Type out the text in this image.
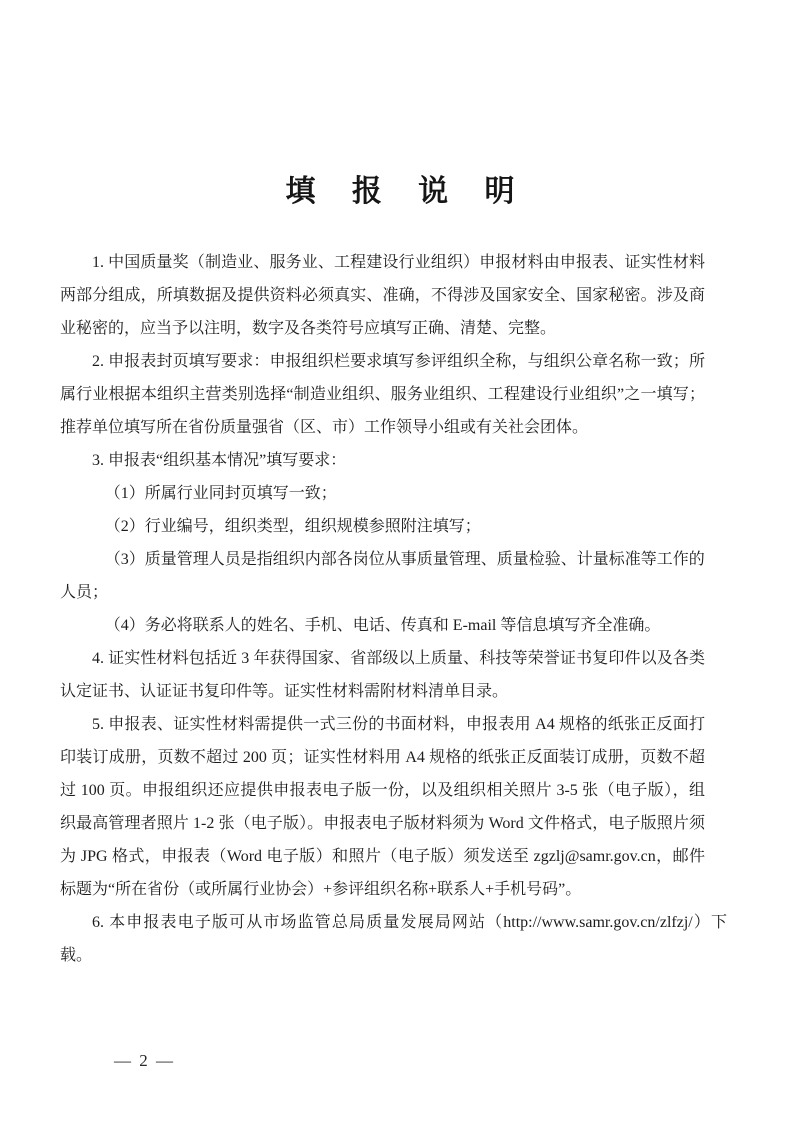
填 报 说 明

1. 中国质量奖（制造业、服务业、工程建设行业组织）申报材料由申报表、证实性材料两部分组成，所填数据及提供资料必须真实、准确，不得涉及国家安全、国家秘密。涉及商业秘密的，应当予以注明，数字及各类符号应填写正确、清楚、完整。

2. 申报表封页填写要求：申报组织栏要求填写参评组织全称，与组织公章名称一致；所属行业根据本组织主营类别选择“制造业组织、服务业组织、工程建设行业组织”之一填写；推荐单位填写所在省份质量强省（区、市）工作领导小组或有关社会团体。

3. 申报表“组织基本情况”填写要求：

（1）所属行业同封页填写一致；

（2）行业编号，组织类型，组织规模参照附注填写；

（3）质量管理人员是指组织内部各岗位从事质量管理、质量检验、计量标准等工作的人员；

（4）务必将联系人的姓名、手机、电话、传真和 E-mail 等信息填写齐全准确。

4. 证实性材料包括近 3 年获得国家、省部级以上质量、科技等荣誉证书复印件以及各类认定证书、认证证书复印件等。证实性材料需附材料清单目录。

5. 申报表、证实性材料需提供一式三份的书面材料，申报表用 A4 规格的纸张正反面打印装订成册，页数不超过 200 页；证实性材料用 A4 规格的纸张正反面装订成册，页数不超过 100 页。申报组织还应提供申报表电子版一份，以及组织相关照片 3-5 张（电子版），组织最高管理者照片 1-2 张（电子版）。申报表电子版材料须为 Word 文件格式，电子版照片须为 JPG 格式，申报表（Word 电子版）和照片（电子版）须发送至 zgzlj@samr.gov.cn，邮件标题为“所在省份（或所属行业协会）+参评组织名称+联系人+手机号码”。

6. 本申报表电子版可从市场监管总局质量发展局网站（http://www.samr.gov.cn/zlfzj/）下载。

— 2 —
